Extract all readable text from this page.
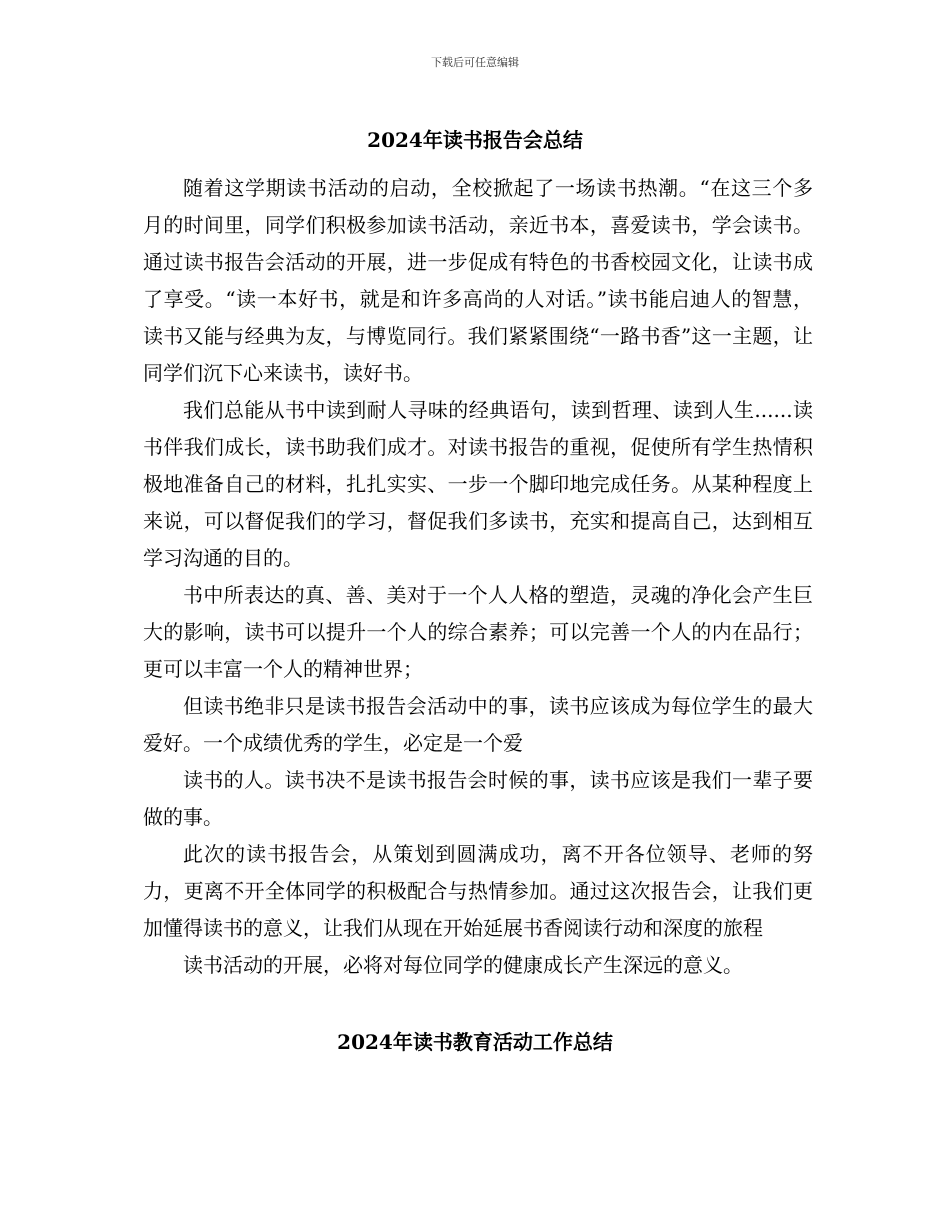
下载后可任意编辑
2024年读书报告会总结

随着这学期读书活动的启动，全校掀起了一场读书热潮。“在这三个多月的时间里，同学们积极参加读书活动，亲近书本，喜爱读书，学会读书。通过读书报告会活动的开展，进一步促成有特色的书香校园文化，让读书成了享受。“读一本好书，就是和许多高尚的人对话。”读书能启迪人的智慧，读书又能与经典为友，与博览同行。我们紧紧围绕“一路书香”这一主题，让同学们沉下心来读书，读好书。

我们总能从书中读到耐人寻味的经典语句，读到哲理、读到人生......读书伴我们成长，读书助我们成才。对读书报告的重视，促使所有学生热情积极地准备自己的材料，扎扎实实、一步一个脚印地完成任务。从某种程度上来说，可以督促我们的学习，督促我们多读书，充实和提高自己，达到相互学习沟通的目的。

书中所表达的真、善、美对于一个人人格的塑造，灵魂的净化会产生巨大的影响，读书可以提升一个人的综合素养；可以完善一个人的内在品行；更可以丰富一个人的精神世界；

但读书绝非只是读书报告会活动中的事，读书应该成为每位学生的最大爱好。一个成绩优秀的学生，必定是一个爱

读书的人。读书决不是读书报告会时候的事，读书应该是我们一辈子要做的事。

此次的读书报告会，从策划到圆满成功，离不开各位领导、老师的努力，更离不开全体同学的积极配合与热情参加。通过这次报告会，让我们更加懂得读书的意义，让我们从现在开始延展书香阅读行动和深度的旅程

读书活动的开展，必将对每位同学的健康成长产生深远的意义。

2024年读书教育活动工作总结
